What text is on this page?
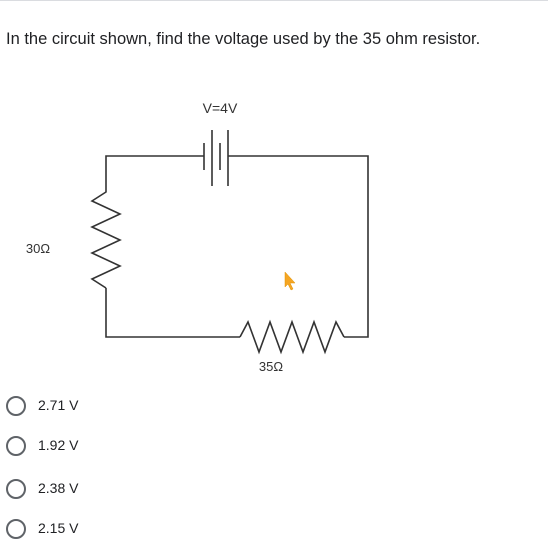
In the circuit shown, find the voltage used by the 35 ohm resistor.
V=4V
30Ω
35Ω
2.71 V
1.92 V
2.38 V
2.15 V
